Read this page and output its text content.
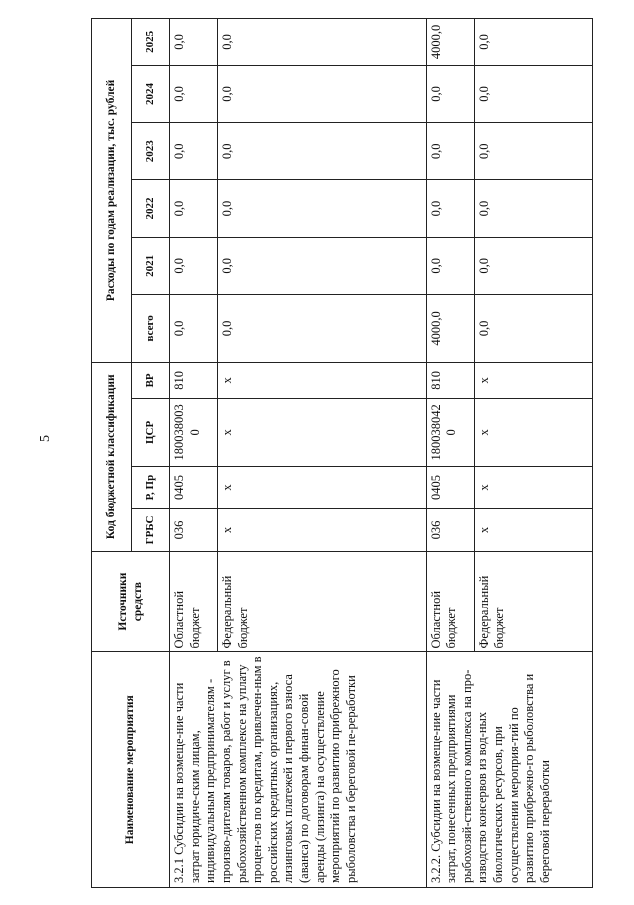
5
Наименование мероприятия	Источники средств	Код бюджетной классификации				Расходы по годам реализации, тыс. рублей					
		ГРБС	Р, Пр	ЦСР	ВР	всего	2021	2022	2023	2024	2025
3.2.1 Субсидии на возмеще-ние части затрат юридиче-ским лицам, индивидуальным предпринимателям - произво-дителям товаров, работ и услуг в рыбохозяйственном комплексе на уплату процен-тов по кредитам, привлечен-ным в российских кредитных организациях, лизинговых платежей и первого взноса (аванса) по договорам финан-совой аренды (лизинга) на осуществление мероприятий по развитию прибрежного рыболовства и береговой пе-реработки	Областной бюджет	036	0405	1800380030	810	0,0	0,0	0,0	0,0	0,0	0,0
	Федеральный бюджет	х	х	х	х	0,0	0,0	0,0	0,0	0,0	0,0
3.2.2. Субсидии на возмеще-ние части затрат, понесенных предприятиями рыбохозяй-ственного комплекса на про-изводство консервов из вод-ных биологических ресурсов, при осуществлении мероприя-тий по развитию прибрежно-го рыболовства и береговой переработки	Областной бюджет	036	0405	1800380420	810	4000,0	0,0	0,0	0,0	0,0	4000,0
	Федеральный бюджет	х	х	х	х	0,0	0,0	0,0	0,0	0,0	0,0
